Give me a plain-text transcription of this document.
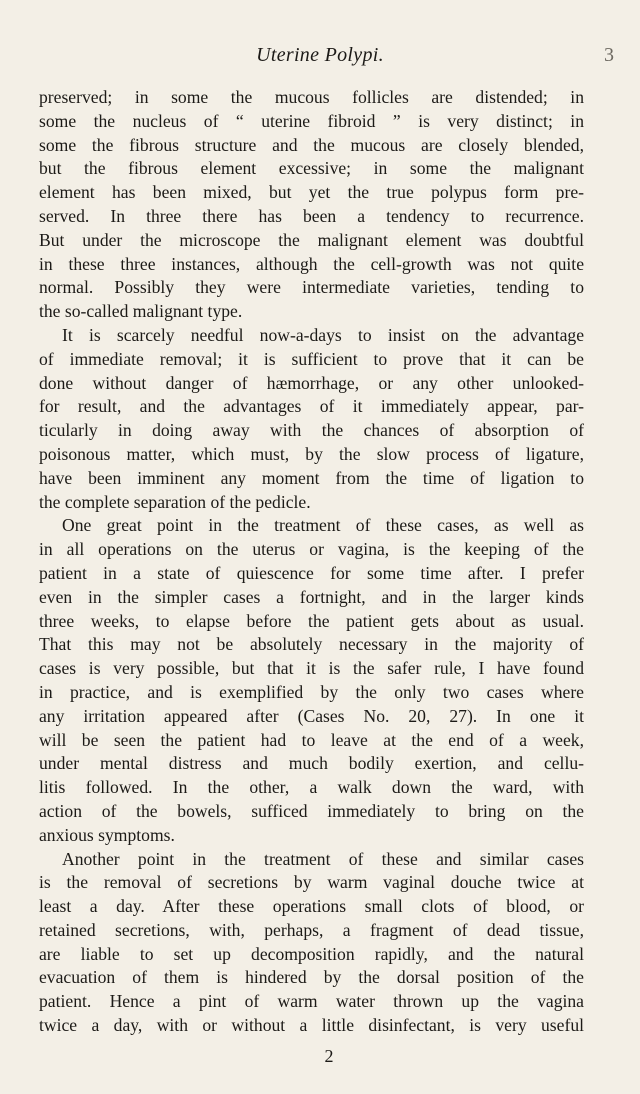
Uterine Polypi.	3
preserved; in some the mucous follicles are distended; in
some the nucleus of “ uterine fibroid ” is very distinct; in
some the fibrous structure and the mucous are closely blended,
but the fibrous element excessive; in some the malignant
element has been mixed, but yet the true polypus form pre-
served. In three there has been a tendency to recurrence.
But under the microscope the malignant element was doubtful
in these three instances, although the cell-growth was not quite
normal. Possibly they were intermediate varieties, tending to
the so-called malignant type.
It is scarcely needful now-a-days to insist on the advantage
of immediate removal; it is sufficient to prove that it can be
done without danger of hæmorrhage, or any other unlooked-
for result, and the advantages of it immediately appear, par-
ticularly in doing away with the chances of absorption of
poisonous matter, which must, by the slow process of ligature,
have been imminent any moment from the time of ligation to
the complete separation of the pedicle.
One great point in the treatment of these cases, as well as
in all operations on the uterus or vagina, is the keeping of the
patient in a state of quiescence for some time after. I prefer
even in the simpler cases a fortnight, and in the larger kinds
three weeks, to elapse before the patient gets about as usual.
That this may not be absolutely necessary in the majority of
cases is very possible, but that it is the safer rule, I have found
in practice, and is exemplified by the only two cases where
any irritation appeared after (Cases No. 20, 27). In one it
will be seen the patient had to leave at the end of a week,
under mental distress and much bodily exertion, and cellu-
litis followed. In the other, a walk down the ward, with
action of the bowels, sufficed immediately to bring on the
anxious symptoms.
Another point in the treatment of these and similar cases
is the removal of secretions by warm vaginal douche twice at
least a day. After these operations small clots of blood, or
retained secretions, with, perhaps, a fragment of dead tissue,
are liable to set up decomposition rapidly, and the natural
evacuation of them is hindered by the dorsal position of the
patient. Hence a pint of warm water thrown up the vagina
twice a day, with or without a little disinfectant, is very useful
2
